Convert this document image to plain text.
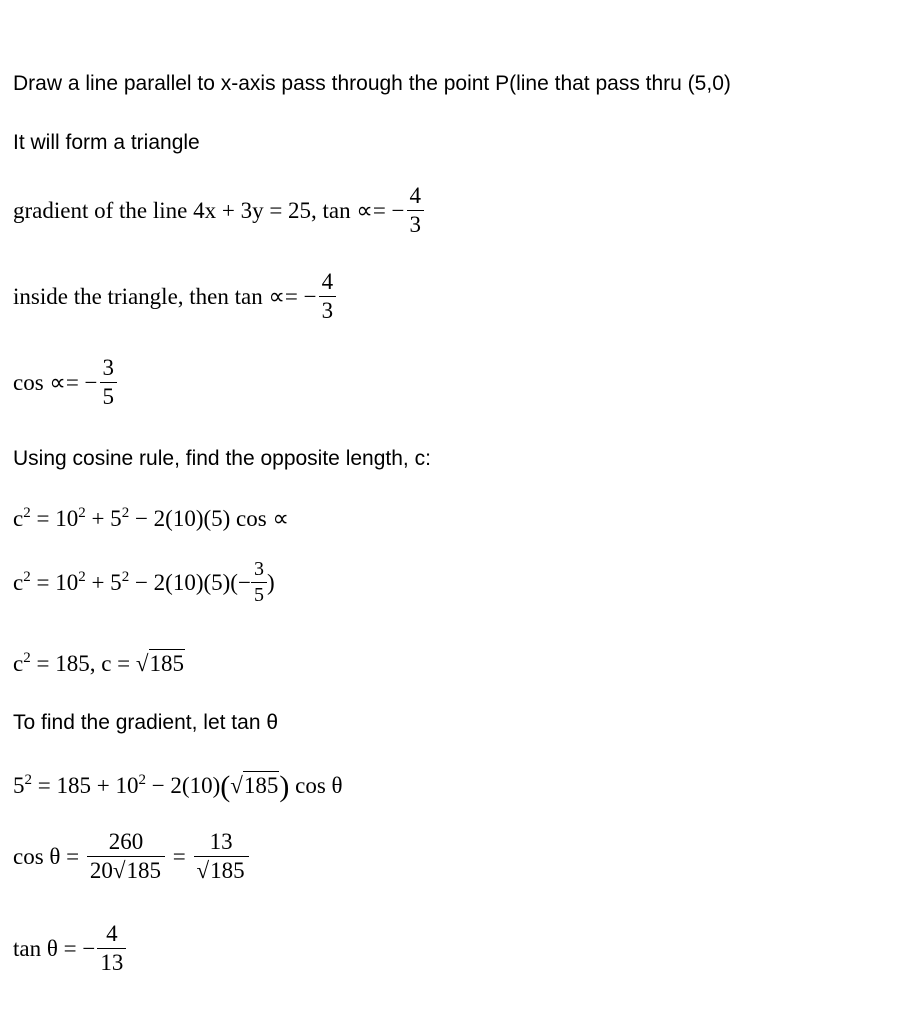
Draw a line parallel to x-axis pass through the point P(line that pass thru (5,0)
It will form a triangle
gradient of the line 4x + 3y = 25, tan ∝= − $\frac{4}{3}$
inside the triangle, then tan ∝= − $\frac{4}{3}$
cos ∝= − $\frac{3}{5}$
Using cosine rule, find the opposite length, c:
$c^2 = 10^2 + 5^2 - 2(10)(5) \cos$ ∝
$c^2 = 10^2 + 5^2 - 2(10)(5)(- \frac{3}{5}$ )
$c^2 = 185$, c = √185
To find the gradient, let tan θ
$5^2 = 185 + 10^2 - 2(10)(√185)$ cos θ
$\cos \theta = \frac{260}{20√185} = \frac{13}{√185}$
tan θ = − $\frac{4}{13}$
